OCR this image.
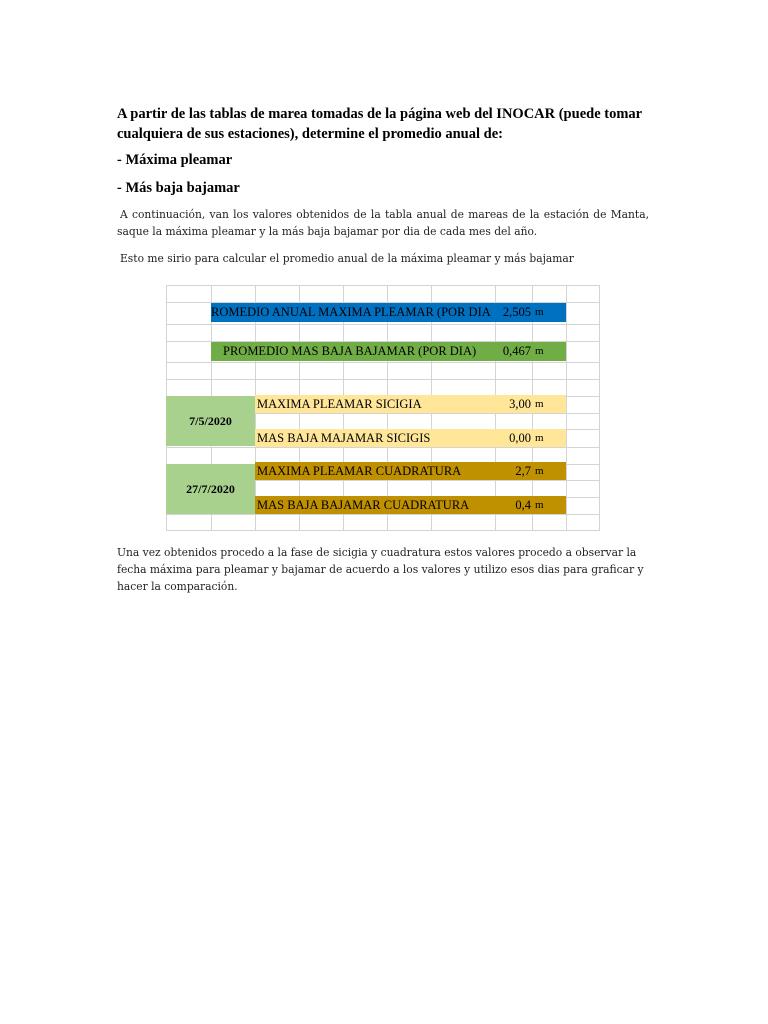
A partir de las tablas de marea tomadas de la página web del INOCAR (puede tomar

cualquiera de sus estaciones), determine el promedio anual de:

- Máxima pleamar

- Más baja bajamar

A continuación, van los valores obtenidos de la tabla anual de mareas de la estación de Manta, saque la máxima pleamar y la más baja bajamar por dia de cada mes del año.

Esto me sirio para calcular el promedio anual de la máxima pleamar y más bajamar

ROMEDIO ANUAL MAXIMA PLEAMAR (POR DIA 2,505 m
PROMEDIO MAS BAJA BAJAMAR (POR DIA) 0,467 m
7/5/2020
MAXIMA PLEAMAR SICIGIA	3,00 m
MAS BAJA MAJAMAR SICIGIS	0,00 m
27/7/2020
MAXIMA PLEAMAR CUADRATURA	2,7 m
MAS BAJA BAJAMAR CUADRATURA	0,4 m

Una vez obtenidos procedo a la fase de sicigia y cuadratura estos valores procedo a observar la fecha máxima para pleamar y bajamar de acuerdo a los valores y utilizo esos dias para graficar y hacer la comparación.
